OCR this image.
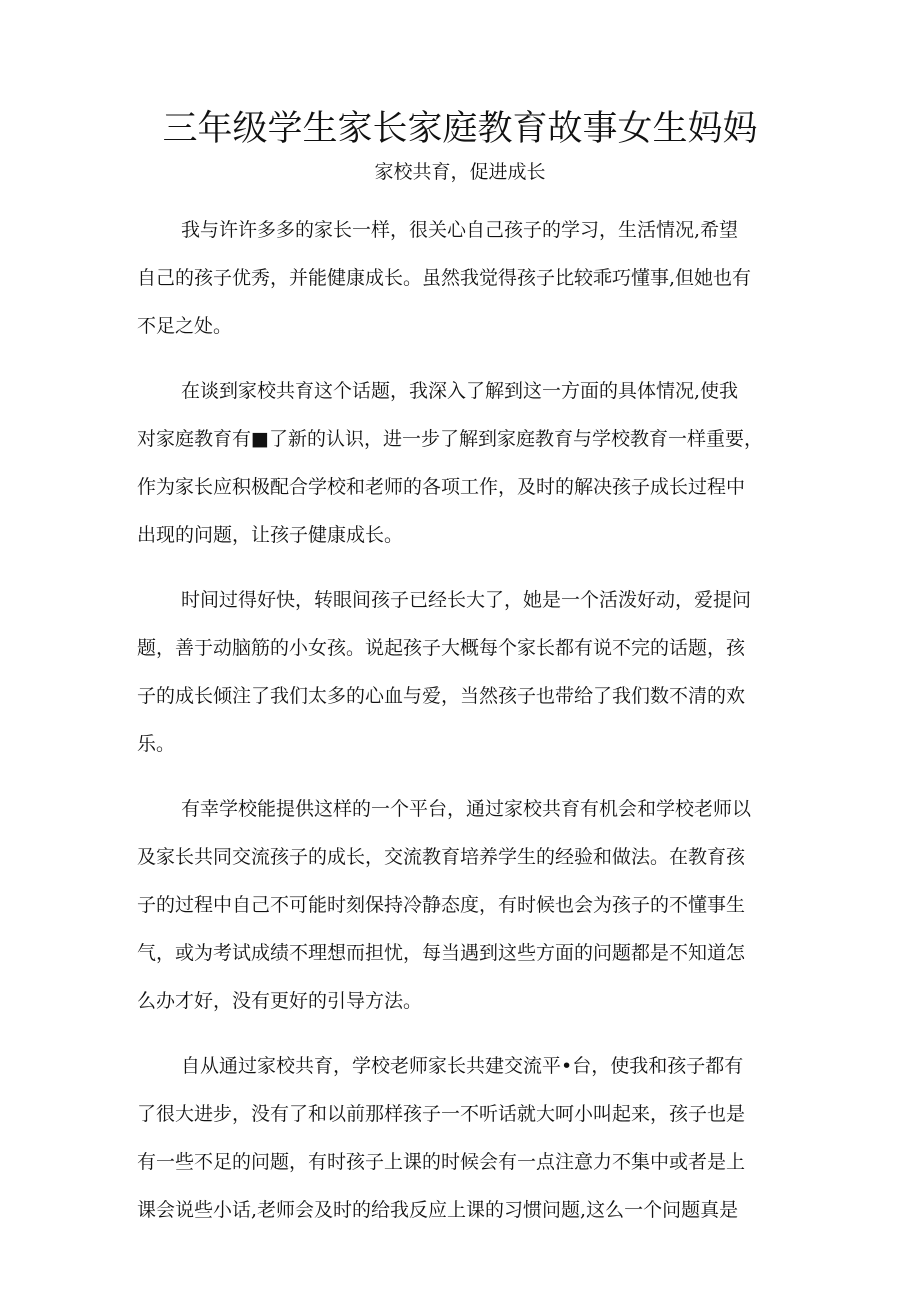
三年级学生家长家庭教育故事女生妈妈

家校共育，促进成长

我与许许多多的家长一样，很关心自己孩子的学习，生活情况,希望
自己的孩子优秀，并能健康成长。虽然我觉得孩子比较乖巧懂事,但她也有
不足之处。

在谈到家校共育这个话题，我深入了解到这一方面的具体情况,使我
对家庭教育有■了新的认识，进一步了解到家庭教育与学校教育一样重要，
作为家长应积极配合学校和老师的各项工作，及时的解决孩子成长过程中
出现的问题，让孩子健康成长。

时间过得好快，转眼间孩子已经长大了，她是一个活泼好动，爱提问
题，善于动脑筋的小女孩。说起孩子大概每个家长都有说不完的话题，孩
子的成长倾注了我们太多的心血与爱，当然孩子也带给了我们数不清的欢
乐。

有幸学校能提供这样的一个平台，通过家校共育有机会和学校老师以
及家长共同交流孩子的成长，交流教育培养学生的经验和做法。在教育孩
子的过程中自己不可能时刻保持冷静态度，有时候也会为孩子的不懂事生
气，或为考试成绩不理想而担忧，每当遇到这些方面的问题都是不知道怎
么办才好，没有更好的引导方法。

自从通过家校共育，学校老师家长共建交流平•台，使我和孩子都有
了很大进步，没有了和以前那样孩子一不听话就大呵小叫起来，孩子也是
有一些不足的问题，有时孩子上课的时候会有一点注意力不集中或者是上
课会说些小话,老师会及时的给我反应上课的习惯问题,这么一个问题真是
